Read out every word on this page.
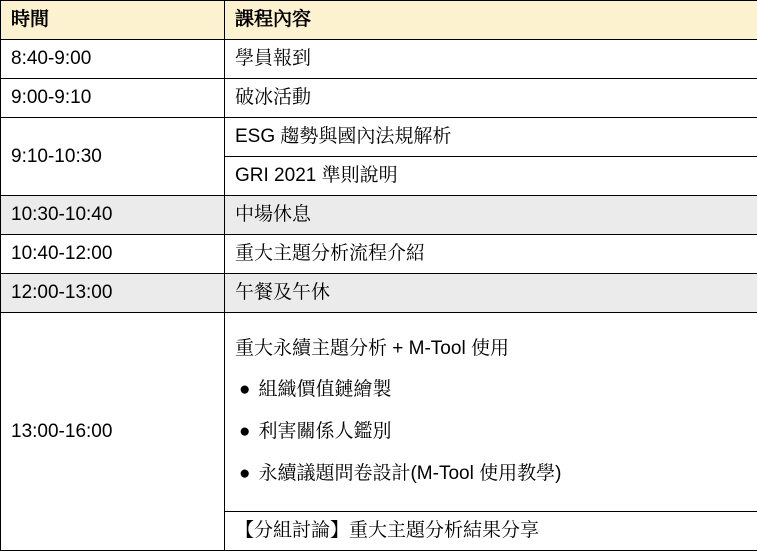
時間	課程內容
8:40-9:00	學員報到
9:00-9:10	破冰活動
9:10-10:30	ESG 趨勢與國內法規解析
	GRI 2021 準則說明
10:30-10:40	中場休息
10:40-12:00	重大主題分析流程介紹
12:00-13:00	午餐及午休
13:00-16:00	重大永續主題分析 + M-Tool 使用
● 組織價值鏈繪製
● 利害關係人鑑別
● 永續議題問卷設計(M-Tool 使用教學)

	【分組討論】重大主題分析結果分享
